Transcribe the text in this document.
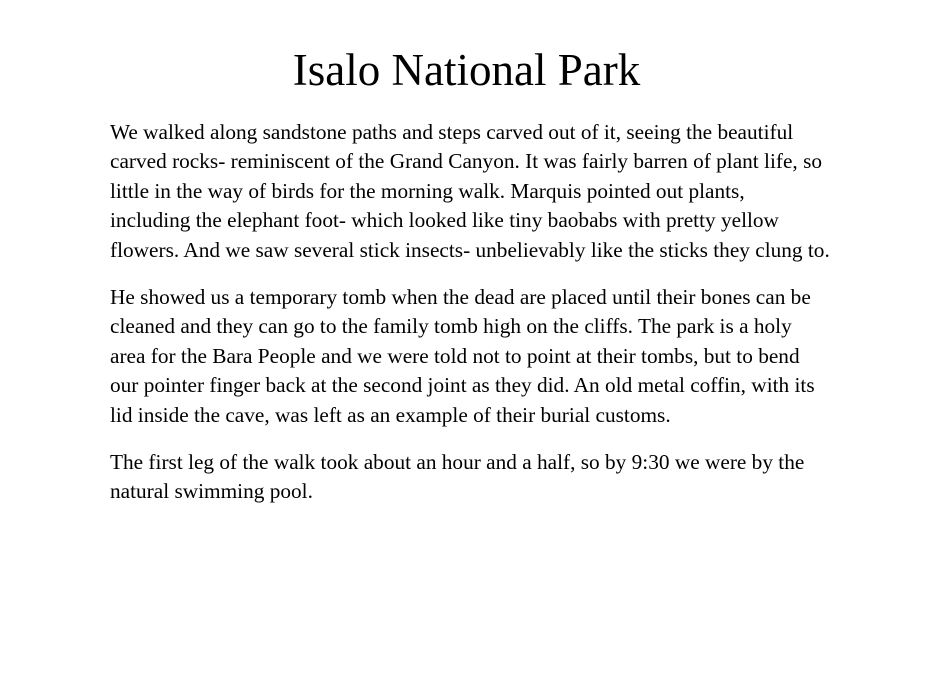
Isalo National Park

We walked along sandstone paths and steps carved out of it, seeing the beautiful carved rocks- reminiscent of the Grand Canyon. It was fairly barren of plant life, so little in the way of birds for the morning walk. Marquis pointed out plants, including the elephant foot- which looked like tiny baobabs with pretty yellow flowers. And we saw several stick insects- unbelievably like the sticks they clung to.

He showed us a temporary tomb when the dead are placed until their bones can be cleaned and they can go to the family tomb high on the cliffs. The park is a holy area for the Bara People and we were told not to point at their tombs, but to bend our pointer finger back at the second joint as they did. An old metal coffin, with its lid inside the cave, was left as an example of their burial customs.

The first leg of the walk took about an hour and a half, so by 9:30 we were by the natural swimming pool.
